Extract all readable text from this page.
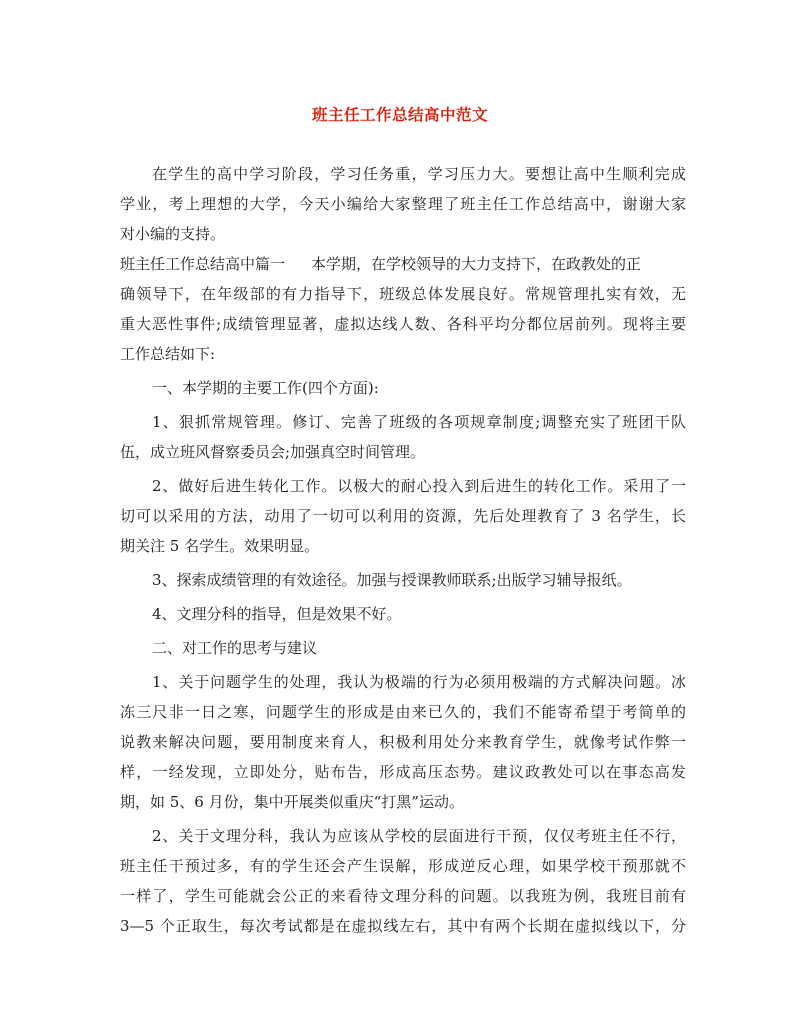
班主任工作总结高中范文
在学生的高中学习阶段，学习任务重，学习压力大。要想让高中生顺利完成
学业，考上理想的大学，今天小编给大家整理了班主任工作总结高中，谢谢大家
对小编的支持。
班主任工作总结高中篇一 本学期，在学校领导的大力支持下，在政教处的正
确领导下，在年级部的有力指导下，班级总体发展良好。常规管理扎实有效，无
重大恶性事件;成绩管理显著，虚拟达线人数、各科平均分都位居前列。现将主要
工作总结如下:
一、本学期的主要工作(四个方面):
1、狠抓常规管理。修订、完善了班级的各项规章制度;调整充实了班团干队
伍，成立班风督察委员会;加强真空时间管理。
2、做好后进生转化工作。以极大的耐心投入到后进生的转化工作。采用了一
切可以采用的方法，动用了一切可以利用的资源，先后处理教育了 3 名学生，长
期关注 5 名学生。效果明显。
3、探索成绩管理的有效途径。加强与授课教师联系;出版学习辅导报纸。
4、文理分科的指导，但是效果不好。
二、对工作的思考与建议
1、关于问题学生的处理，我认为极端的行为必须用极端的方式解决问题。冰
冻三尺非一日之寒，问题学生的形成是由来已久的，我们不能寄希望于考简单的
说教来解决问题，要用制度来育人，积极利用处分来教育学生，就像考试作弊一
样，一经发现，立即处分，贴布告，形成高压态势。建议政教处可以在事态高发
期，如 5、6 月份，集中开展类似重庆“打黑”运动。
2、关于文理分科，我认为应该从学校的层面进行干预，仅仅考班主任不行，
班主任干预过多，有的学生还会产生误解，形成逆反心理，如果学校干预那就不
一样了，学生可能就会公正的来看待文理分科的问题。以我班为例，我班目前有
3—5 个正取生，每次考试都是在虚拟线左右，其中有两个长期在虚拟线以下，分
